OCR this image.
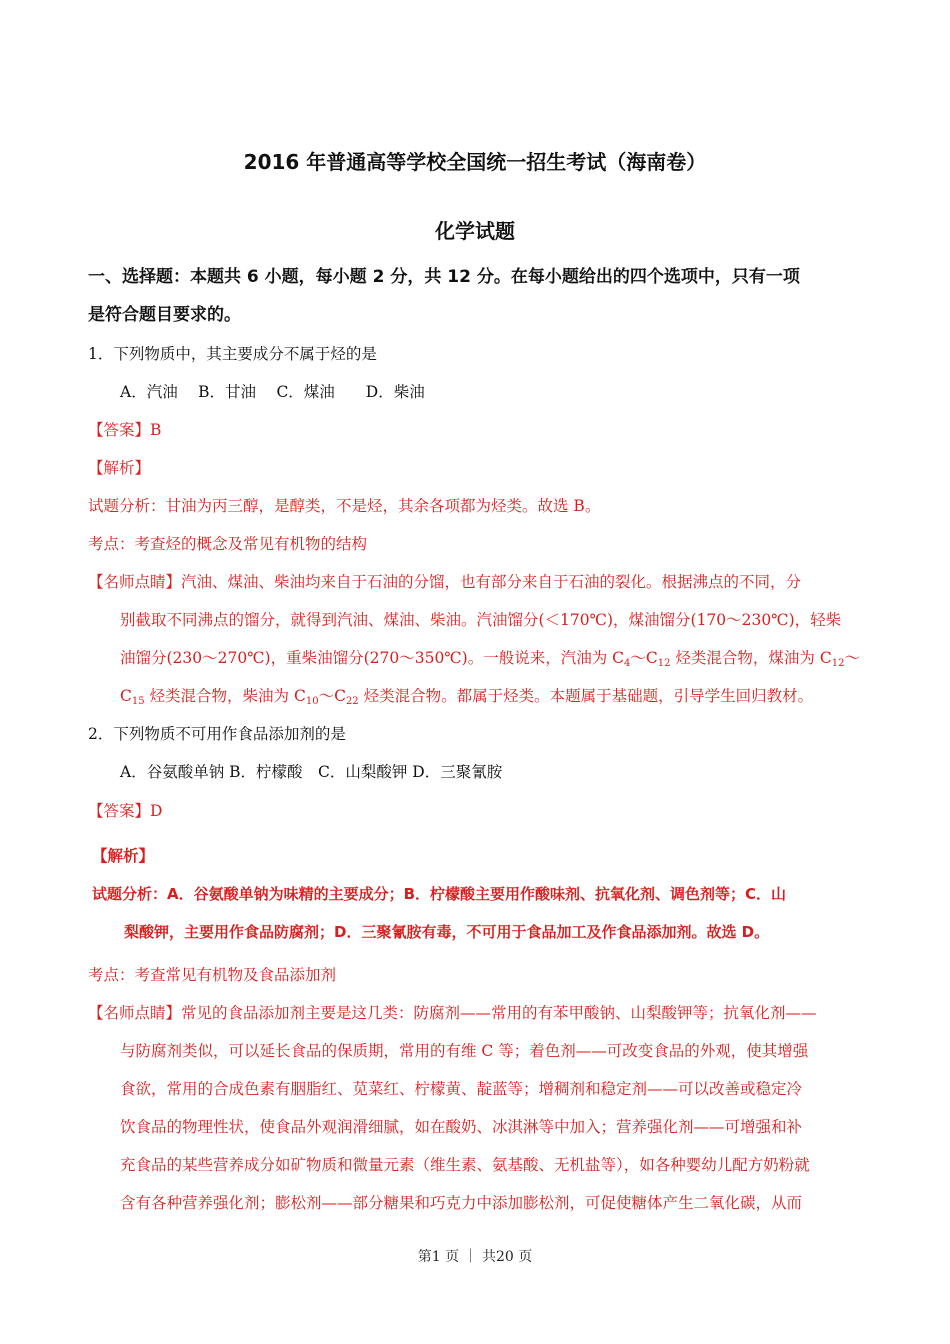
2016 年普通高等学校全国统一招生考试（海南卷）
化学试题
一、选择题：本题共 6 小题，每小题 2 分，共 12 分。在每小题给出的四个选项中，只有一项
是符合题目要求的。
1．下列物质中，其主要成分不属于烃的是
A．汽油　 B．甘油　 C．煤油　　D．柴油
【答案】B
【解析】
试题分析：甘油为丙三醇，是醇类，不是烃，其余各项都为烃类。故选 B。
考点：考查烃的概念及常见有机物的结构
【名师点睛】汽油、煤油、柴油均来自于石油的分馏，也有部分来自于石油的裂化。根据沸点的不同，分
别截取不同沸点的馏分，就得到汽油、煤油、柴油。汽油馏分(＜170℃)，煤油馏分(170～230℃)，轻柴
油馏分(230～270℃)，重柴油馏分(270～350℃)。一般说来，汽油为 $C_4\sim C_{12}$ 烃类混合物，煤油为 $C_{12}\sim$
$C_{15}$ 烃类混合物，柴油为 $C_{10}\sim C_{22}$ 烃类混合物。都属于烃类。本题属于基础题，引导学生回归教材。
2．下列物质不可用作食品添加剂的是
A．谷氨酸单钠 B．柠檬酸　C．山梨酸钾 D．三聚氰胺
【答案】D
【解析】
试题分析：A．谷氨酸单钠为味精的主要成分；B．柠檬酸主要用作酸味剂、抗氧化剂、调色剂等；C．山
梨酸钾，主要用作食品防腐剂；D．三聚氰胺有毒，不可用于食品加工及作食品添加剂。故选 D。
考点：考查常见有机物及食品添加剂
【名师点睛】常见的食品添加剂主要是这几类：防腐剂——常用的有苯甲酸钠、山梨酸钾等；抗氧化剂——
与防腐剂类似，可以延长食品的保质期，常用的有维 C 等；着色剂——可改变食品的外观，使其增强
食欲，常用的合成色素有胭脂红、苋菜红、柠檬黄、靛蓝等；增稠剂和稳定剂——可以改善或稳定冷
饮食品的物理性状，使食品外观润滑细腻，如在酸奶、冰淇淋等中加入；营养强化剂——可增强和补
充食品的某些营养成分如矿物质和微量元素（维生素、氨基酸、无机盐等），如各种婴幼儿配方奶粉就
含有各种营养强化剂；膨松剂——部分糖果和巧克力中添加膨松剂，可促使糖体产生二氧化碳，从而
第1 页 ｜ 共20 页
